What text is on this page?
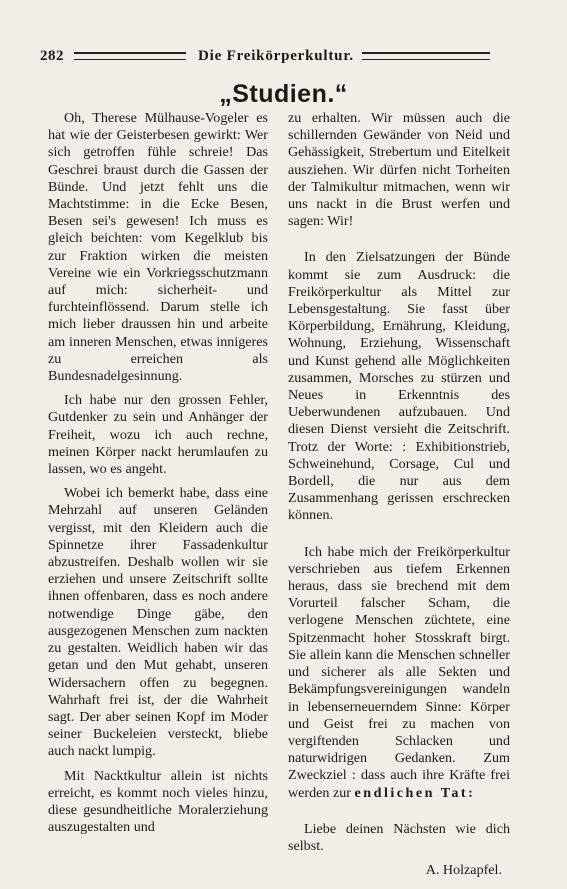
282	Die Freikörperkultur.
„Studien.“

Oh, Therese Mülhause-Vogeler es hat wie der Geisterbesen gewirkt: Wer sich getroffen fühle schreie! Das Geschrei braust durch die Gassen der Bünde. Und jetzt fehlt uns die Machtstimme: in die Ecke Besen, Besen sei's gewesen! Ich muss es gleich beichten: vom Kegelklub bis zur Fraktion wirken die meisten Vereine wie ein Vorkriegsschutzmann auf mich: sicherheit- und furchteinflössend. Darum stelle ich mich lieber draussen hin und arbeite am inneren Menschen, etwas innigeres zu erreichen als Bundesnadelgesinnung.

Ich habe nur den grossen Fehler, Gutdenker zu sein und Anhänger der Freiheit, wozu ich auch rechne, meinen Körper nackt herumlaufen zu lassen, wo es angeht.

Wobei ich bemerkt habe, dass eine Mehrzahl auf unseren Geländen vergisst, mit den Kleidern auch die Spinnetze ihrer Fassadenkultur abzustreifen. Deshalb wollen wir sie erziehen und unsere Zeitschrift sollte ihnen offenbaren, dass es noch andere notwendige Dinge gäbe, den ausgezogenen Menschen zum nackten zu gestalten. Weidlich haben wir das getan und den Mut gehabt, unseren Widersachern offen zu begegnen. Wahrhaft frei ist, der die Wahrheit sagt. Der aber seinen Kopf im Moder seiner Buckeleien versteckt, bliebe auch nackt lumpig.

Mit Nacktkultur allein ist nichts erreicht, es kommt noch vieles hinzu, diese gesundheitliche Moralerziehung auszugestalten und

zu erhalten. Wir müssen auch die schillernden Gewänder von Neid und Gehässigkeit, Strebertum und Eitelkeit ausziehen. Wir dürfen nicht Torheiten der Talmikultur mitmachen, wenn wir uns nackt in die Brust werfen und sagen: Wir!

In den Zielsatzungen der Bünde kommt sie zum Ausdruck: die Freikörperkultur als Mittel zur Lebensgestaltung. Sie fasst über Körperbildung, Ernährung, Kleidung, Wohnung, Erziehung, Wissenschaft und Kunst gehend alle Möglichkeiten zusammen, Morsches zu stürzen und Neues in Erkenntnis des Ueberwundenen aufzubauen. Und diesen Dienst versieht die Zeitschrift. Trotz der Worte: : Exhibitionstrieb, Schweinehund, Corsage, Cul und Bordell, die nur aus dem Zusammenhang gerissen erschrecken können.

Ich habe mich der Freikörperkultur verschrieben aus tiefem Erkennen heraus, dass sie brechend mit dem Vorurteil falscher Scham, die verlogene Menschen züchtete, eine Spitzenmacht hoher Stosskraft birgt. Sie allein kann die Menschen schneller und sicherer als alle Sekten und Bekämpfungsvereinigungen wandeln in lebenserneuerndem Sinne: Körper und Geist frei zu machen von vergiftenden Schlacken und naturwidrigen Gedanken. Zum Zweckziel : dass auch ihre Kräfte frei werden zur endlichen Tat:

Liebe deinen Nächsten wie dich selbst.

A. Holzapfel.
